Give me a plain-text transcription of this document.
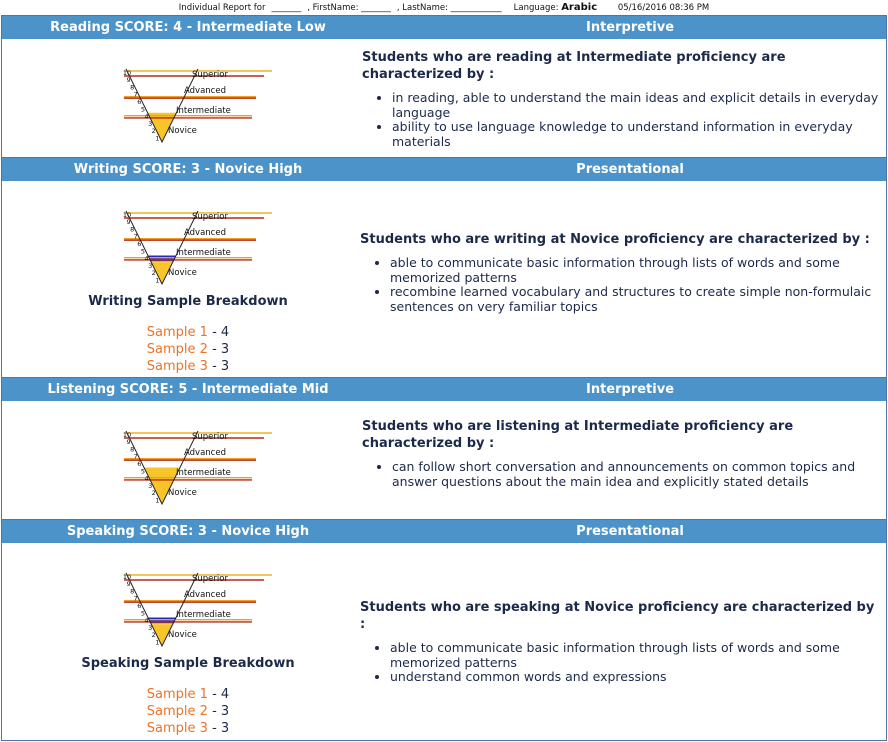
Individual Report for _______ , FirstName: _______ , LastName: ____________ Language: Arabic 05/16/2016 08:36 PM
Reading SCORE: 4 - Intermediate Low	Interpretive
10
9
8
7
6
5
4
3
2
1
Superior
Advanced
Intermediate
Novice
Students who are reading at Intermediate proficiency are characterized by :
• in reading, able to understand the main ideas and explicit details in everyday language
• ability to use language knowledge to understand information in everyday materials
Writing SCORE: 3 - Novice High	Presentational
10
9
8
7
6
5
4
3
2
1
Superior
Advanced
Intermediate
Novice
Writing Sample Breakdown
Sample 1 - 4
Sample 2 - 3
Sample 3 - 3
Students who are writing at Novice proficiency are characterized by :
• able to communicate basic information through lists of words and some memorized patterns
• recombine learned vocabulary and structures to create simple non-formulaic sentences on very familiar topics
Listening SCORE: 5 - Intermediate Mid	Interpretive
10
9
8
7
6
5
4
3
2
1
Superior
Advanced
Intermediate
Novice
Students who are listening at Intermediate proficiency are characterized by :
• can follow short conversation and announcements on common topics and answer questions about the main idea and explicitly stated details
Speaking SCORE: 3 - Novice High	Presentational
10
9
8
7
6
5
4
3
2
1
Superior
Advanced
Intermediate
Novice
Speaking Sample Breakdown
Sample 1 - 4
Sample 2 - 3
Sample 3 - 3
Students who are speaking at Novice proficiency are characterized by :
• able to communicate basic information through lists of words and some memorized patterns
• understand common words and expressions
